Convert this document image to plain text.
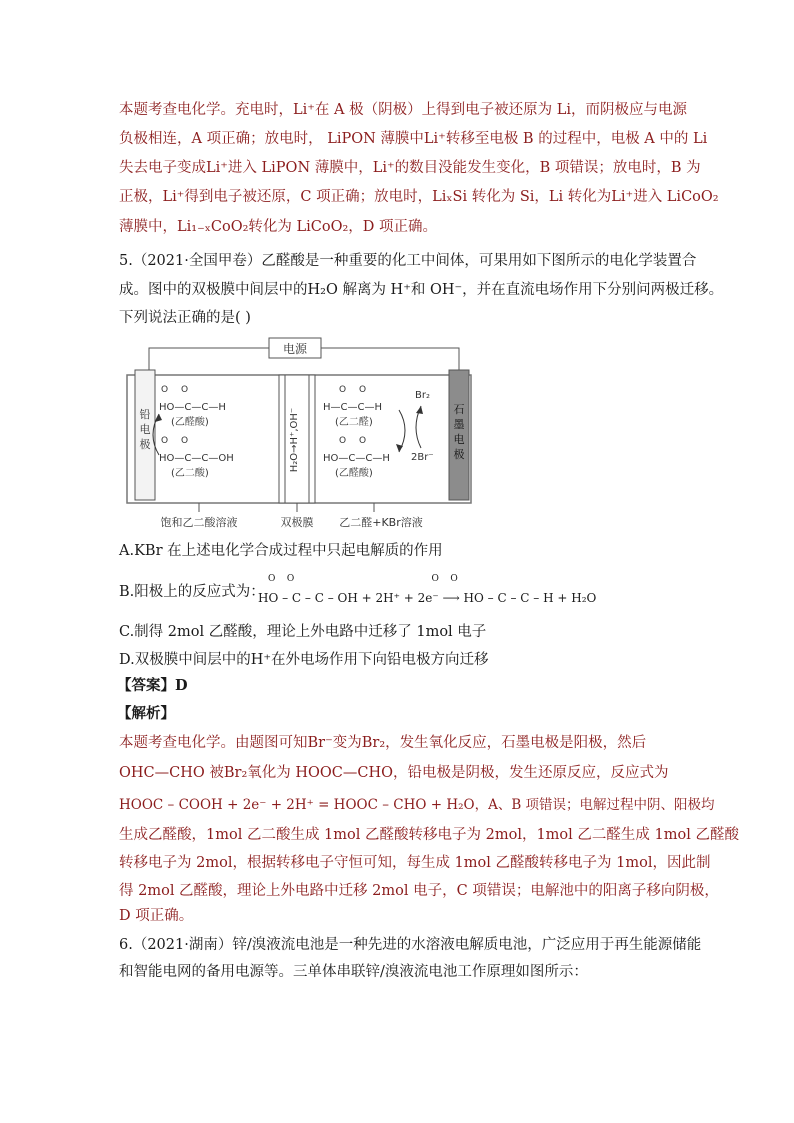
本题考查电化学。充电时，Li⁺在 A 极（阴极）上得到电子被还原为 Li，而阴极应与电源
负极相连，A 项正确；放电时， LiPON 薄膜中Li⁺转移至电极 B 的过程中，电极 A 中的 Li
失去电子变成Li⁺进入 LiPON 薄膜中，Li⁺的数目没能发生变化，B 项错误；放电时，B 为
正极，Li⁺得到电子被还原，C 项正确；放电时，LiₓSi 转化为 Si，Li 转化为Li⁺进入 LiCoO₂
薄膜中，Li₁₋ₓCoO₂转化为 LiCoO₂，D 项正确。
5.（2021·全国甲卷）乙醛酸是一种重要的化工中间体，可果用如下图所示的电化学装置合
成。图中的双极膜中间层中的H₂O 解离为 H⁺和 OH⁻，并在直流电场作用下分别问两极迁移。
下列说法正确的是( )
电源
铅
电
极
石
墨
电
极
H₂O→H⁺,OH⁻
O O
HO—C—C—H
(乙醛酸)
O O
HO—C—C—OH
(乙二酸)
O O
H—C—C—H
(乙二醛)
O O
HO—C—C—H
(乙醛酸)
Br₂
2Br⁻
饱和乙二酸溶液	双极膜 乙二醛+KBr溶液
A.KBr 在上述电化学合成过程中只起电解质的作用
B.阳极上的反应式为：
O    O                                                O    O
HO – C – C – OH + 2H⁺ + 2e⁻ ⟶ HO – C – C – H + H₂O
C.制得 2mol 乙醛酸，理论上外电路中迁移了 1mol 电子
D.双极膜中间层中的H⁺在外电场作用下向铅电极方向迁移
【答案】D
【解析】
本题考查电化学。由题图可知Br⁻变为Br₂，发生氧化反应，石墨电极是阳极，然后
OHC—CHO 被Br₂氧化为 HOOC—CHO，铅电极是阴极，发生还原反应，反应式为
HOOC – COOH + 2e⁻ + 2H⁺ = HOOC – CHO + H₂O，A、B 项错误；电解过程中阴、阳极均
生成乙醛酸，1mol 乙二酸生成 1mol 乙醛酸转移电子为 2mol，1mol 乙二醛生成 1mol 乙醛酸
转移电子为 2mol，根据转移电子守恒可知，每生成 1mol 乙醛酸转移电子为 1mol，因此制
得 2mol 乙醛酸，理论上外电路中迁移 2mol 电子，C 项错误；电解池中的阳离子移向阴极，
D 项正确。
6.（2021·湖南）锌/溴液流电池是一种先进的水溶液电解质电池，广泛应用于再生能源储能
和智能电网的备用电源等。三单体串联锌/溴液流电池工作原理如图所示：
